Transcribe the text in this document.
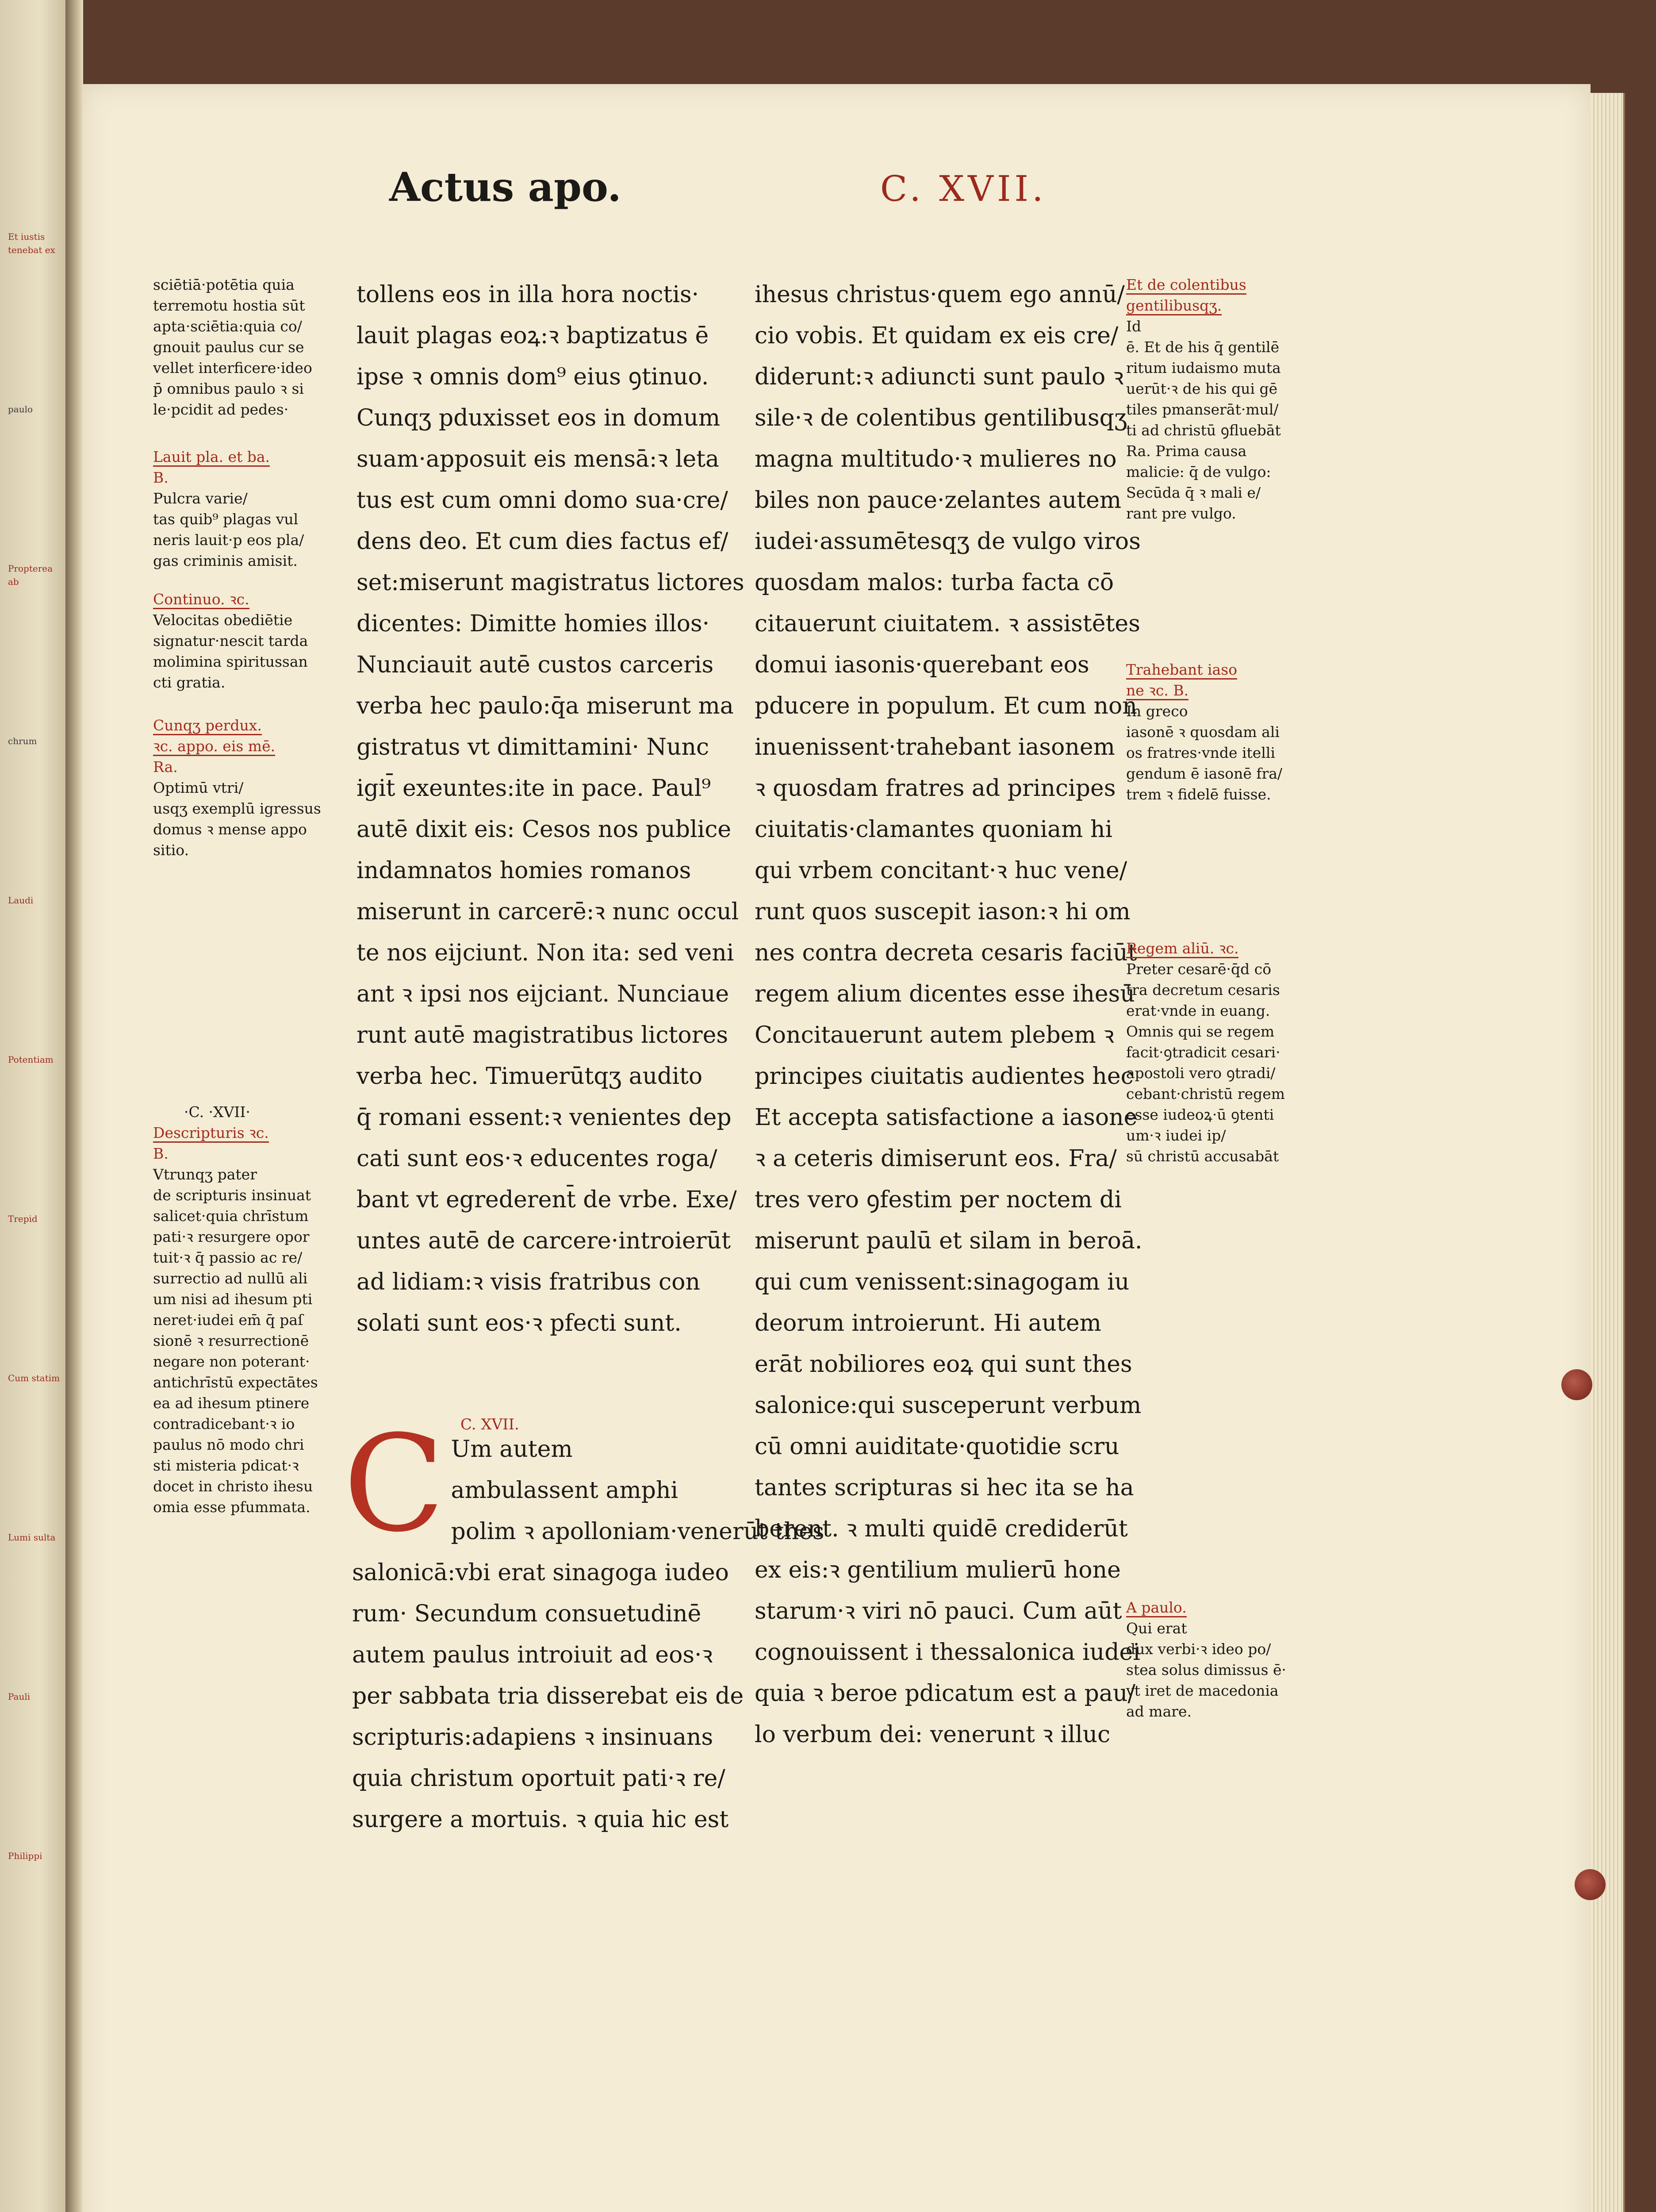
Et iustis tenebat ex
paulo
Propterea ab
chrum
Laudi
Potentiam
Trepid
Cum statim
Lumi sulta
Pauli
Philippi
Actus apo.	C. XVII.

sciētiā·potētia quia

terremotu hostia sūt

apta·sciētia:quia co/

gnouit paulus cur se

vellet interficere·ideo

p̄ omnibus paulo ꝛ si

le·pcidit ad pedes·

Lauit pla. et ba.

B.

Pulcra varie/

tas quib⁹ plagas vul

neris lauit·p eos pla/

gas criminis amisit.

Continuo. ꝛc.

Velocitas obediētie

signatur·nescit tarda

molimina spiritussan

cti gratia.

Cunqʒ perdux.

ꝛc. appo. eis mē.

Ra.

Optimū vtri/

usqʒ exemplū igressus

domus ꝛ mense appo

sitio.

·C. ·XVII·

Descripturis ꝛc.

B.

Vtrunqʒ pater

de scripturis insinuat

salicet·quia chrīstum

pati·ꝛ resurgere opor

tuit·ꝛ q̄ passio ac re/

surrectio ad nullū ali

um nisi ad ihesum pti

neret·iudei em̄ q̄ paſ

sionē ꝛ resurrectionē

negare non poterant·

antichrīstū expectātes

ea ad ihesum ptinere

contradicebant·ꝛ io

paulus nō modo chri

sti misteria pdicat·ꝛ

docet in christo ihesu

omia esse pfummata.

tollens eos in illa hora noctis·

lauit plagas eoꝝ:ꝛ baptizatus ē

ipse ꝛ omnis dom⁹ eius ꝯtinuo.

Cunqʒ pduxisset eos in domum

suam·apposuit eis mensā:ꝛ leta

tus est cum omni domo sua·cre/

dens deo. Et cum dies factus ef/

set:miserunt magistratus lictores

dicentes: Dimitte homies illos·

Nunciauit autē custos carceris

verba hec paulo:q̄a miserunt ma

gistratus vt dimittamini· Nunc

igit̄ exeuntes:ite in pace. Paul⁹

autē dixit eis: Cesos nos publice

indamnatos homies romanos

miserunt in carcerē:ꝛ nunc occul

te nos eijciunt. Non ita: sed veni

ant ꝛ ipsi nos eijciant. Nunciaue

runt autē magistratibus lictores

verba hec. Timuerūtqʒ audito

q̄ romani essent:ꝛ venientes dep

cati sunt eos·ꝛ educentes roga/

bant vt egrederent̄ de vrbe. Exe/

untes autē de carcere·introierūt

ad lidiam:ꝛ visis fratribus con

solati sunt eos·ꝛ pfecti sunt.

C. XVII.
C Um autem

ambulassent amphi

polim ꝛ apolloniam·venerūt thes

salonicā:vbi erat sinagoga iudeo

rum· Secundum consuetudinē

autem paulus introiuit ad eos·ꝛ

per sabbata tria disserebat eis de

scripturis:adapiens ꝛ insinuans

quia christum oportuit pati·ꝛ re/

surgere a mortuis. ꝛ quia hic est

ihesus christus·quem ego annū/

cio vobis. Et quidam ex eis cre/

diderunt:ꝛ adiuncti sunt paulo ꝛ

sile·ꝛ de colentibus gentilibusqʒ

magna multitudo·ꝛ mulieres no

biles non pauce·zelantes autem

iudei·assumētesqʒ de vulgo viros

quosdam malos: turba facta cō

citauerunt ciuitatem. ꝛ assistētes

domui iasonis·querebant eos

pducere in populum. Et cum non

inuenissent·trahebant iasonem

ꝛ quosdam fratres ad principes

ciuitatis·clamantes quoniam hi

qui vrbem concitant·ꝛ huc vene/

runt quos suscepit iason:ꝛ hi om

nes contra decreta cesaris faciūt

regem alium dicentes esse ihesū

Concitauerunt autem plebem ꝛ

principes ciuitatis audientes hec

Et accepta satisfactione a iasone

ꝛ a ceteris dimiserunt eos. Fra/

tres vero ꝯfestim per noctem di

miserunt paulū et silam in beroā.

qui cum venissent:sinagogam iu

deorum introierunt. Hi autem

erāt nobiliores eoꝝ qui sunt thes

salonice:qui susceperunt verbum

cū omni auiditate·quotidie scru

tantes scripturas si hec ita se ha

berent. ꝛ multi quidē crediderūt

ex eis:ꝛ gentilium mulierū hone

starum·ꝛ viri nō pauci. Cum aūt

cognouissent i thessalonica iudei

quia ꝛ beroe pdicatum est a pau/

lo verbum dei: venerunt ꝛ illuc

Et de colentibus

gentilibusqʒ.

Id

ē. Et de his q̄ gentilē

ritum iudaismo muta

uerūt·ꝛ de his qui gē

tiles pmanserāt·mul/

ti ad christū ꝯfluebāt

Ra. Prima causa

malicie: q̄ de vulgo:

Secūda q̄ ꝛ mali e/

rant pre vulgo.

Trahebant iaso

ne ꝛc. B.

In greco

iasonē ꝛ quosdam ali

os fratres·vnde itelli

gendum ē iasonē fra/

trem ꝛ fidelē fuisse.

Regem aliū. ꝛc.

Preter cesarē·q̄d cō

tra decretum cesaris

erat·vnde in euang.

Omnis qui se regem

facit·ꝯtradicit cesari·

apostoli vero ꝯtradi/

cebant·christū regem

esse iudeoꝝ·ū ꝯtenti

um·ꝛ iudei ip/

sū christū accusabāt

A paulo.

Qui erat

dux verbi·ꝛ ideo po/

stea solus dimissus ē·

vt iret de macedonia

ad mare.
